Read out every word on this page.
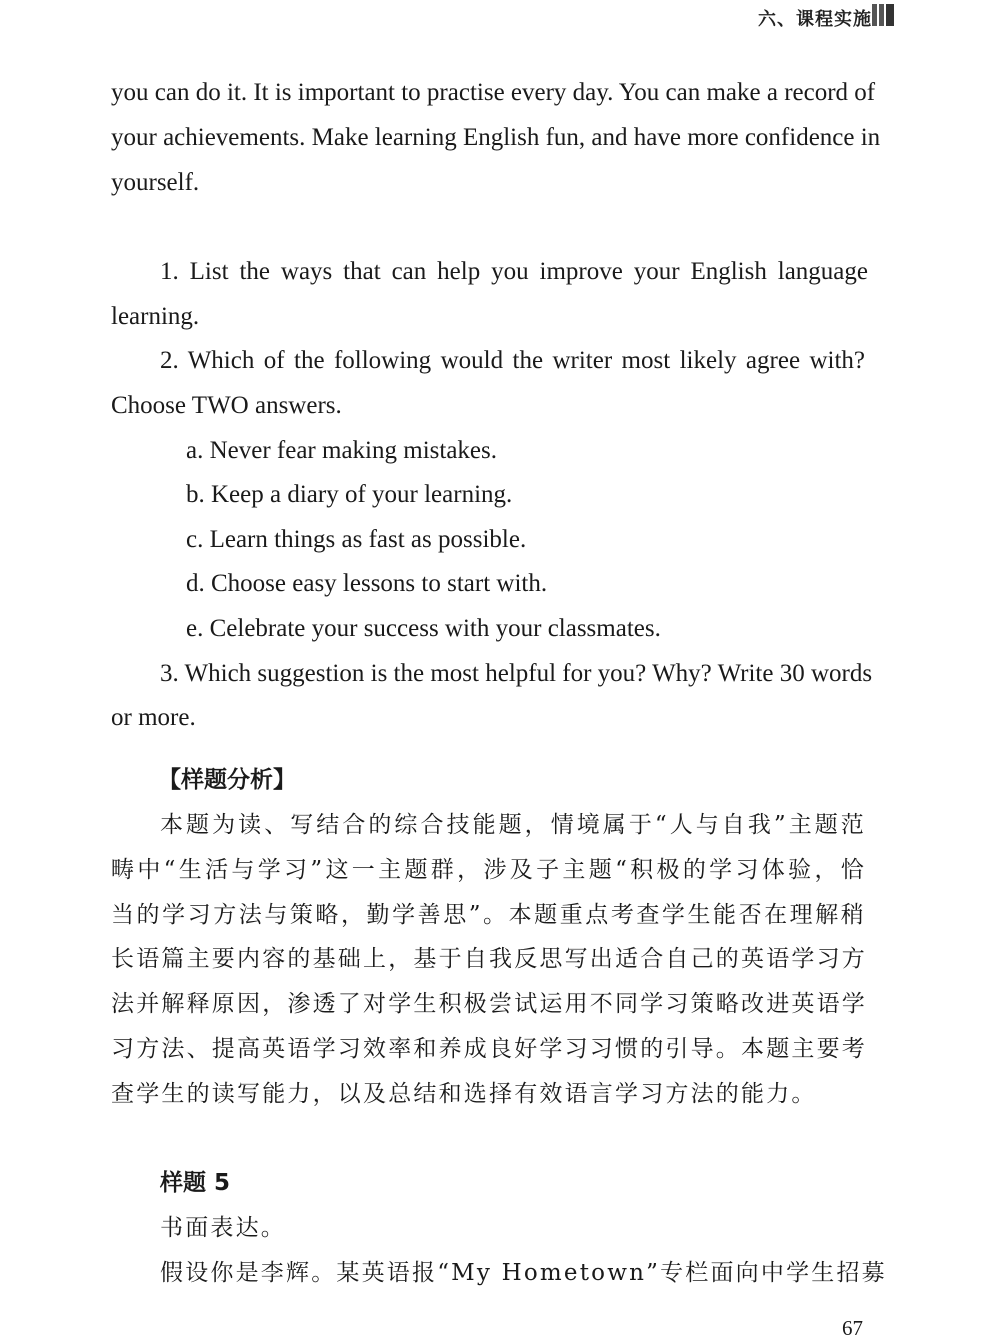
六、课程实施
you can do it. It is important to practise every day. You can make a record of
your achievements. Make learning English fun, and have more confidence in
yourself.
1. List the ways that can help you improve your English language
learning.
2. Which of the following would the writer most likely agree with?
Choose TWO answers.
a. Never fear making mistakes.
b. Keep a diary of your learning.
c. Learn things as fast as possible.
d. Choose easy lessons to start with.
e. Celebrate your success with your classmates.
3. Which suggestion is the most helpful for you? Why? Write 30 words
or more.
【样题分析】
本题为读、写结合的综合技能题，情境属于“人与自我”主题范
畴中“生活与学习”这一主题群，涉及子主题“积极的学习体验，恰
当的学习方法与策略，勤学善思”。本题重点考查学生能否在理解稍
长语篇主要内容的基础上，基于自我反思写出适合自己的英语学习方
法并解释原因，渗透了对学生积极尝试运用不同学习策略改进英语学
习方法、提高英语学习效率和养成良好学习习惯的引导。本题主要考
查学生的读写能力，以及总结和选择有效语言学习方法的能力。
样题 5
书面表达。
假设你是李辉。某英语报“My Hometown”专栏面向中学生招募
67
